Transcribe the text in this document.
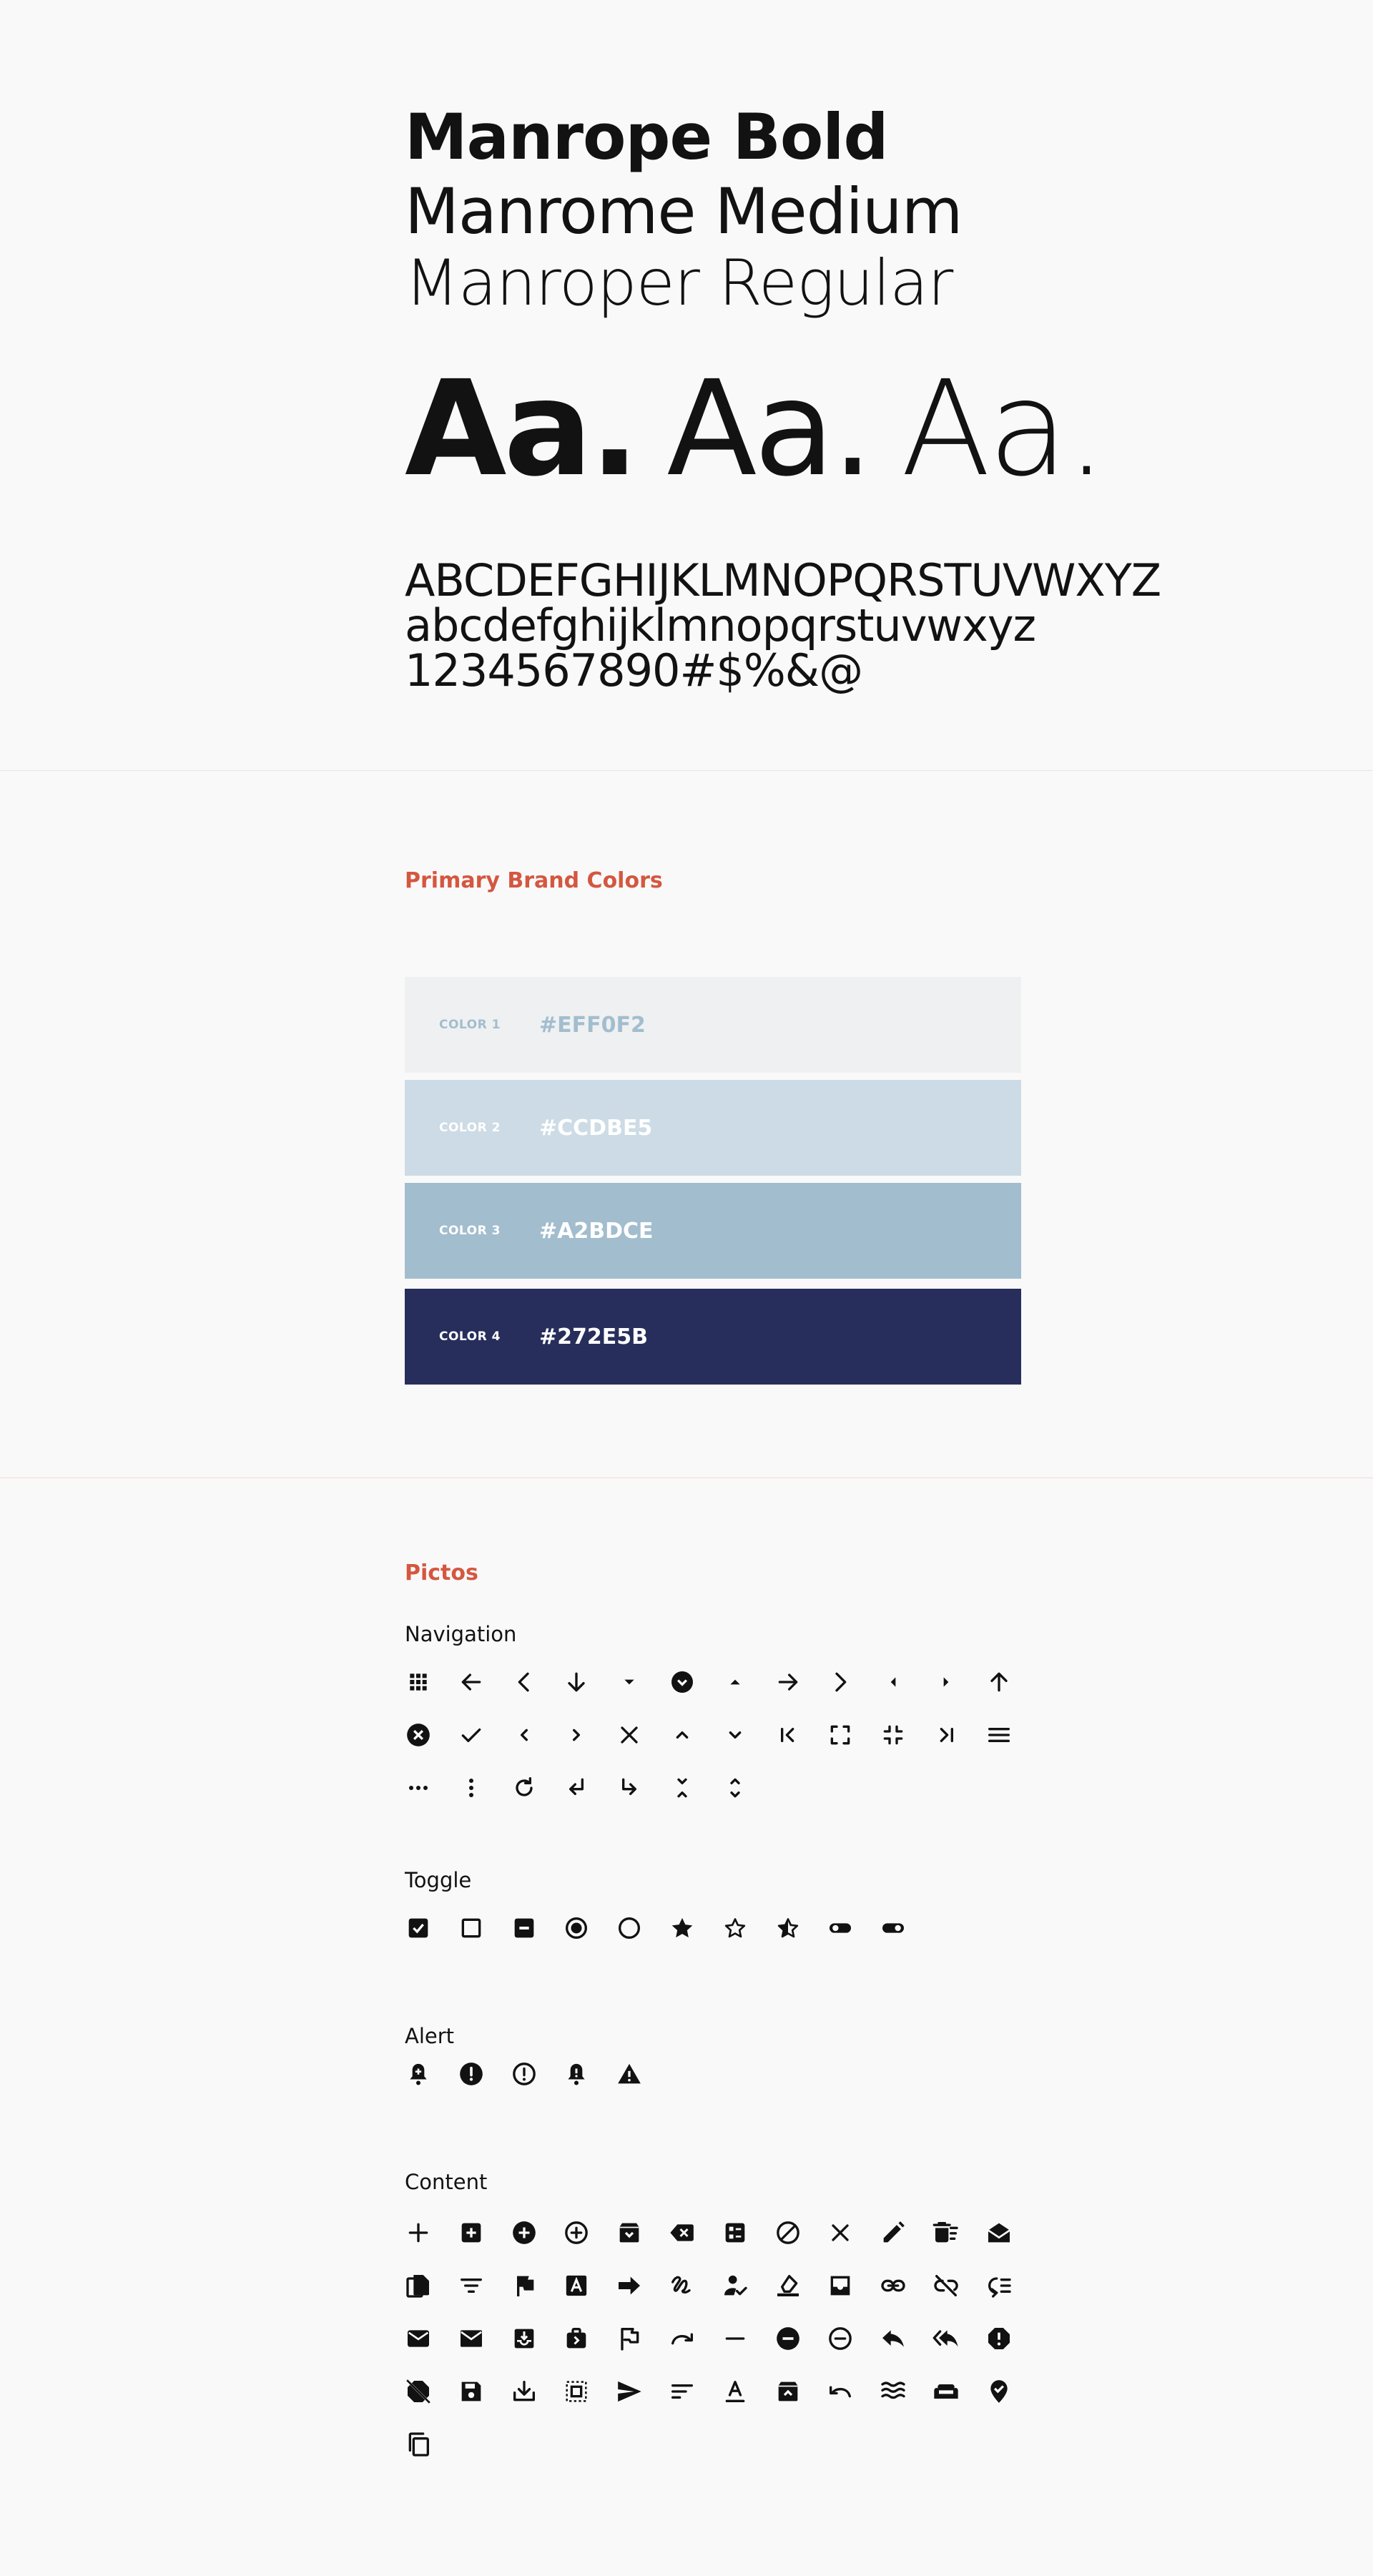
Manrope Bold
Manrome Medium
Manroper Regular
Aa. Aa. Aa.
ABCDEFGHIJKLMNOPQRSTUVWXYZ
abcdefghijklmnopqrstuvwxyz
1234567890#$%&@
Primary Brand Colors
COLOR 1	#EFF0F2
COLOR 2	#CCDBE5
COLOR 3	#A2BDCE
COLOR 4	#272E5B
Pictos
Navigation
Toggle
Alert
Content
